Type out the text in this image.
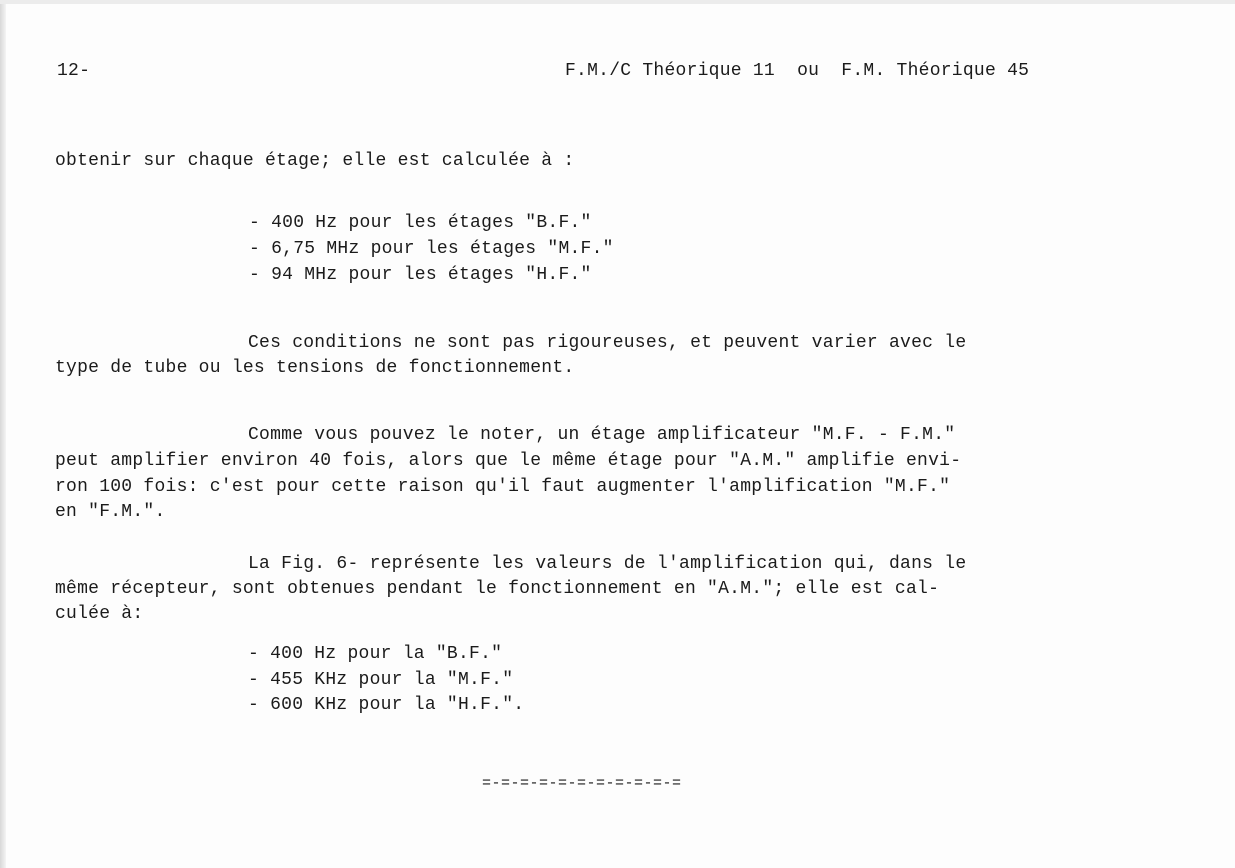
12-	F.M./C Théorique 11  ou  F.M. Théorique 45

obtenir sur chaque étage; elle est calculée à :

- 400 Hz pour les étages "B.F."

- 6,75 MHz pour les étages "M.F."

- 94 MHz pour les étages "H.F."

Ces conditions ne sont pas rigoureuses, et peuvent varier avec le

type de tube ou les tensions de fonctionnement.

Comme vous pouvez le noter, un étage amplificateur "M.F. - F.M."

peut amplifier environ 40 fois, alors que le même étage pour "A.M." amplifie envi-

ron 100 fois: c'est pour cette raison qu'il faut augmenter l'amplification "M.F."

en "F.M.".

La Fig. 6- représente les valeurs de l'amplification qui, dans le

même récepteur, sont obtenues pendant le fonctionnement en "A.M."; elle est cal-

culée à:

- 400 Hz pour la "B.F."

- 455 KHz pour la "M.F."

- 600 KHz pour la "H.F.".

=-=-=-=-=-=-=-=-=-=-=
